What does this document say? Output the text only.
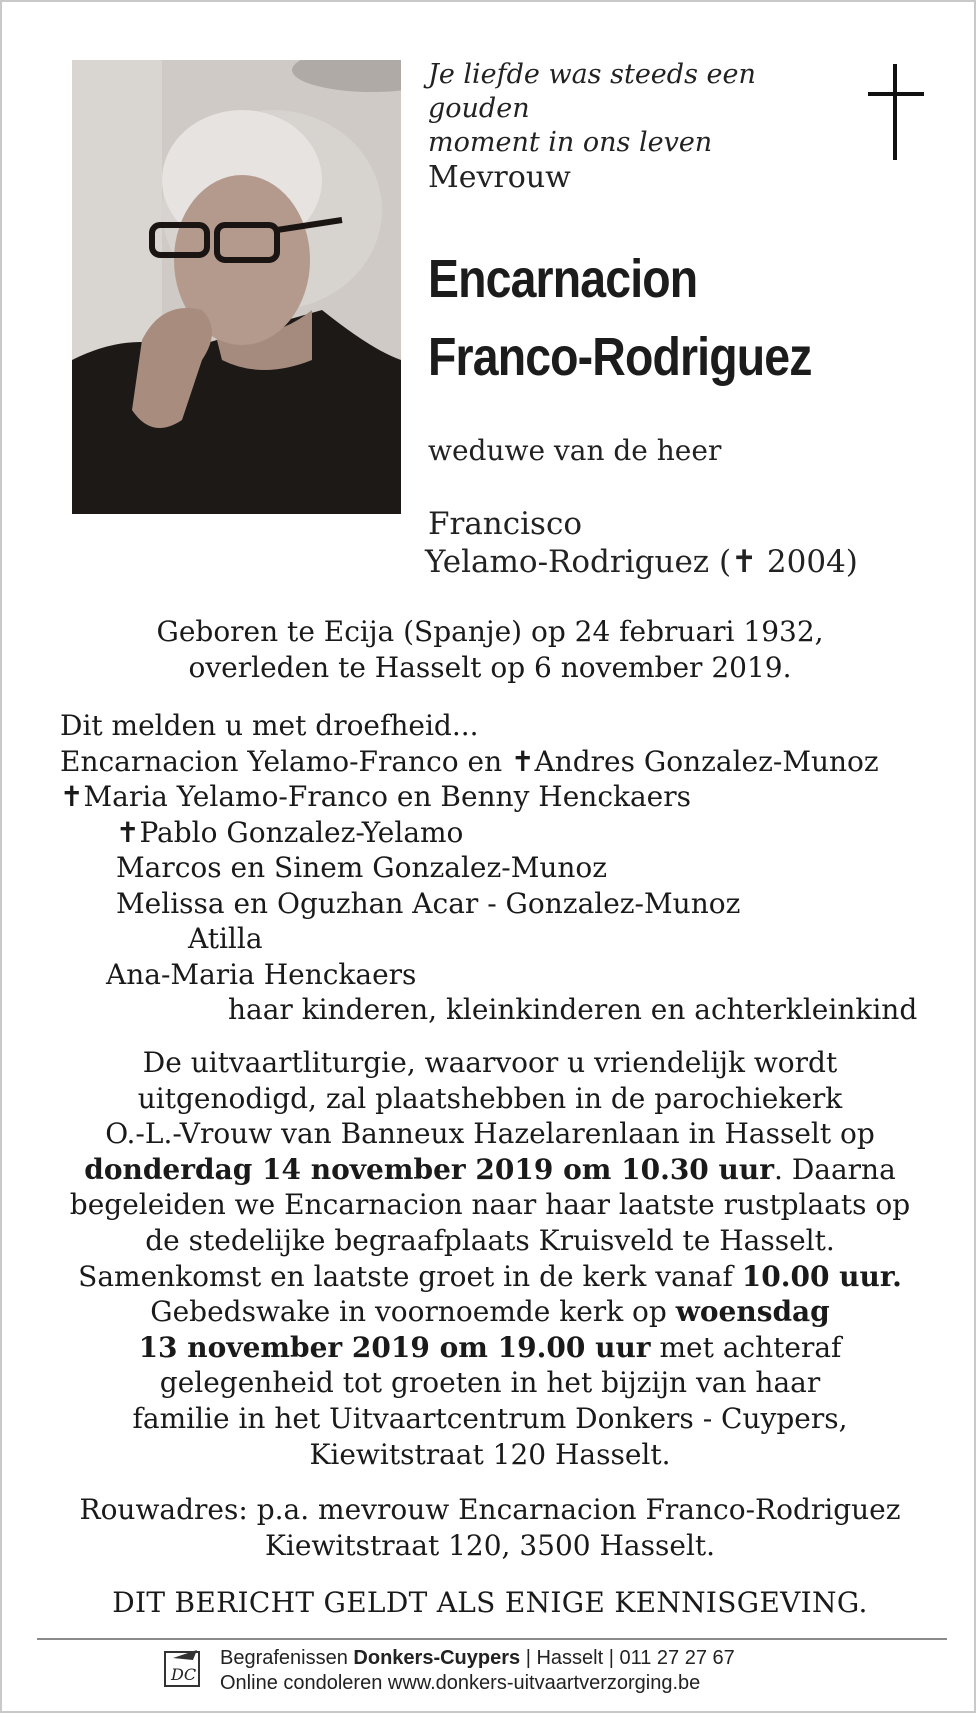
Je liefde was steeds een gouden
moment in ons leven
Mevrouw
Encarnacion
Franco-Rodriguez
weduwe van de heer
Francisco
Yelamo-Rodriguez (✝ 2004)
Geboren te Ecija (Spanje) op 24 februari 1932,
overleden te Hasselt op 6 november 2019.
Dit melden u met droefheid...
Encarnacion Yelamo-Franco en ✝Andres Gonzalez-Munoz
✝Maria Yelamo-Franco en Benny Henckaers
✝Pablo Gonzalez-Yelamo
Marcos en Sinem Gonzalez-Munoz
Melissa en Oguzhan Acar - Gonzalez-Munoz
Atilla
Ana-Maria Henckaers
haar kinderen, kleinkinderen en achterkleinkind
De uitvaartliturgie, waarvoor u vriendelijk wordt
uitgenodigd, zal plaatshebben in de parochiekerk
O.-L.-Vrouw van Banneux Hazelarenlaan in Hasselt op
donderdag 14 november 2019 om 10.30 uur. Daarna
begeleiden we Encarnacion naar haar laatste rustplaats op
de stedelijke begraafplaats Kruisveld te Hasselt.
Samenkomst en laatste groet in de kerk vanaf 10.00 uur.
Gebedswake in voornoemde kerk op woensdag
13 november 2019 om 19.00 uur met achteraf
gelegenheid tot groeten in het bijzijn van haar
familie in het Uitvaartcentrum Donkers - Cuypers,
Kiewitstraat 120 Hasselt.
Rouwadres: p.a. mevrouw Encarnacion Franco-Rodriguez
Kiewitstraat 120, 3500 Hasselt.
DIT BERICHT GELDT ALS ENIGE KENNISGEVING.
DC
Begrafenissen Donkers-Cuypers | Hasselt | 011 27 27 67
Online condoleren www.donkers-uitvaartverzorging.be
